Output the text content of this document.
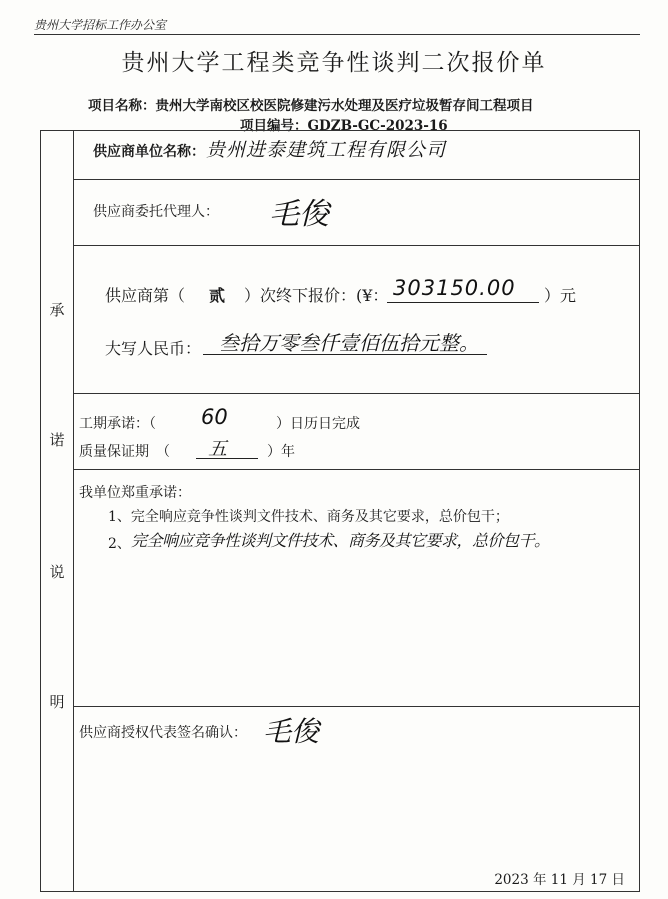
贵州大学招标工作办公室
贵州大学工程类竞争性谈判二次报价单
项目名称：贵州大学南校区校医院修建污水处理及医疗垃圾暂存间工程项目
项目编号：GDZB-GC-2023-16
承
诺
说
明
供应商单位名称： 贵州进泰建筑工程有限公司
供应商委托代理人： 毛俊
供应商第（ 贰 ）次终下报价：(¥： 303150.00 ）元
大写人民币： 叁拾万零叁仟壹佰伍拾元整。
工期承诺：（ 60	）日历日完成
质量保证期　（ 五	）年
我单位郑重承诺：
1、完全响应竞争性谈判文件技术、商务及其它要求，总价包干；
2、 完全响应竞争性谈判文件技术、商务及其它要求，总价包干。
供应商授权代表签名确认： 毛俊
2023 年 11 月 17 日
